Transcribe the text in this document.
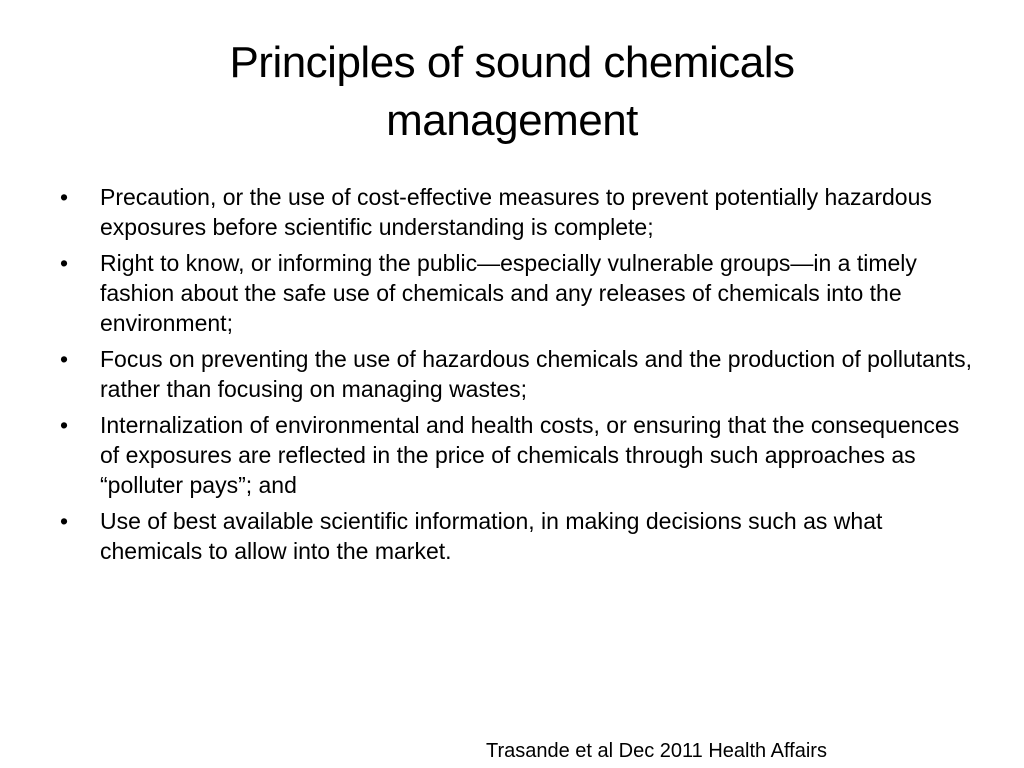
Principles of sound chemicals management
•	Precaution, or the use of cost-effective measures to prevent potentially hazardous exposures before scientific understanding is complete;
•	Right to know, or informing the public—especially vulnerable groups—in a timely fashion about the safe use of chemicals and any releases of chemicals into the environment;
•	Focus on preventing the use of hazardous chemicals and the production of pollutants, rather than focusing on managing wastes;
•	Internalization of environmental and health costs, or ensuring that the consequences of exposures are reflected in the price of chemicals through such approaches as “polluter pays”; and
•	Use of best available scientific information, in making decisions such as what chemicals to allow into the market.
Trasande et al Dec 2011 Health Affairs
